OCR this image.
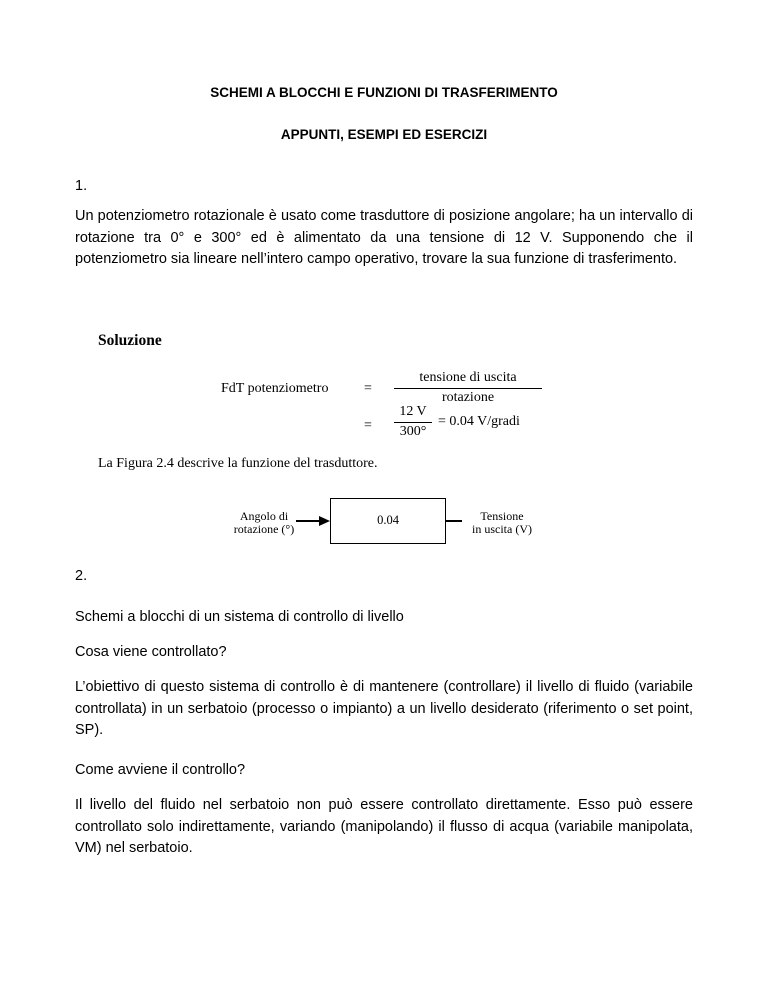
SCHEMI A BLOCCHI E FUNZIONI DI TRASFERIMENTO
APPUNTI, ESEMPI ED ESERCIZI
1.
Un potenziometro rotazionale è usato come trasduttore di posizione angolare; ha un intervallo di rotazione tra 0° e 300° ed è alimentato da una tensione di 12 V. Supponendo che il potenziometro sia lineare nell’intero campo operativo, trovare la sua funzione di trasferimento.
Soluzione
FdT potenziometro	=
tensione di uscita
rotazione
=
12 V
300°
= 0.04 V/gradi
La Figura 2.4 descrive la funzione del trasduttore.
Angolo di
rotazione (°)
0.04	Tensione
in uscita (V)
2.
Schemi a blocchi di un sistema di controllo di livello
Cosa viene controllato?
L’obiettivo di questo sistema di controllo è di mantenere (controllare) il livello di fluido (variabile controllata) in un serbatoio (processo o impianto) a un livello desiderato (riferimento o set point, SP).
Come avviene il controllo?
Il livello del fluido nel serbatoio non può essere controllato direttamente. Esso può essere controllato solo indirettamente, variando (manipolando) il flusso di acqua (variabile manipolata, VM) nel serbatoio.
